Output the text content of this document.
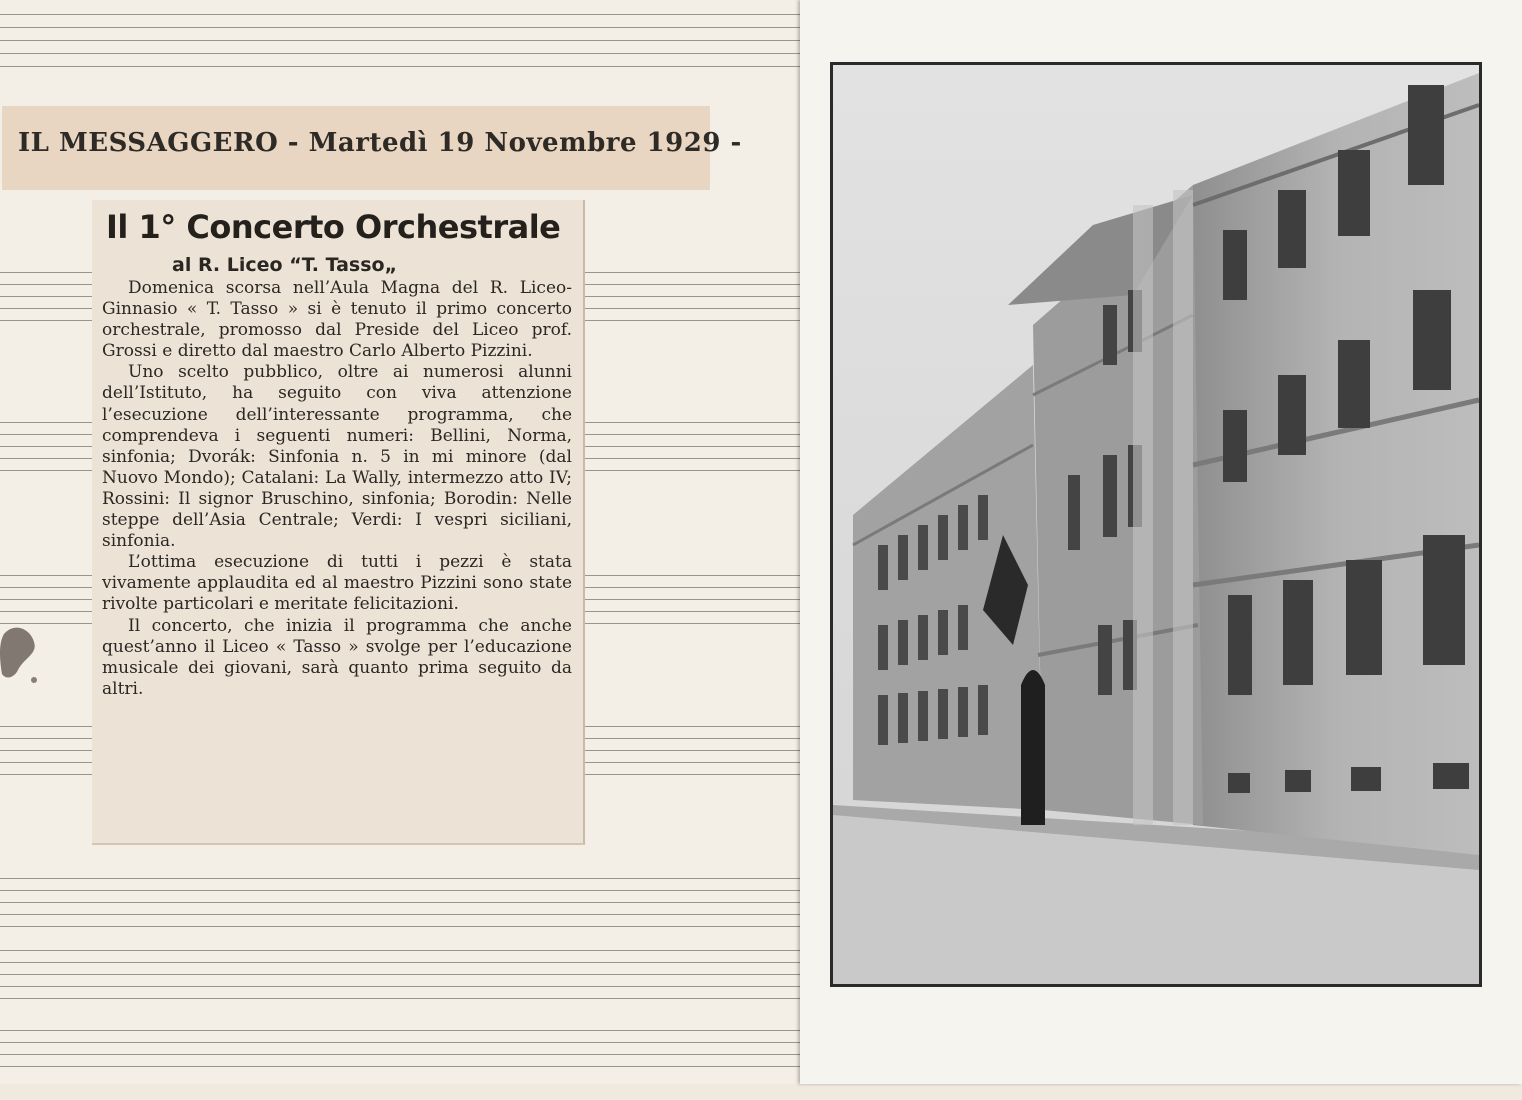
IL MESSAGGERO - Martedì 19 Novembre 1929 -
Il 1° Concerto Orchestrale
al R. Liceo “T. Tasso„
Domenica scorsa nell’Aula Magna del R. Liceo-Ginnasio « T. Tasso » si è tenuto il primo concerto orchestrale, promosso dal Preside del Liceo prof. Grossi e diretto dal maestro Carlo Alberto Pizzini.
Uno scelto pubblico, oltre ai numerosi alunni dell’Istituto, ha seguito con viva attenzione l’esecuzione dell’interessante programma, che comprendeva i seguenti numeri: Bellini, Norma, sinfonia; Dvorák: Sinfonia n. 5 in mi minore (dal Nuovo Mondo); Catalani: La Wally, intermezzo atto IV; Rossini: Il signor Bruschino, sinfonia; Borodin: Nelle steppe dell’Asia Centrale; Verdi: I vespri siciliani, sinfonia.
L’ottima esecuzione di tutti i pezzi è stata vivamente applaudita ed al maestro Pizzini sono state rivolte particolari e meritate felicitazioni.
Il concerto, che inizia il programma che anche quest’anno il Liceo « Tasso » svolge per l’educazione musicale dei giovani, sarà quanto prima seguito da altri.
